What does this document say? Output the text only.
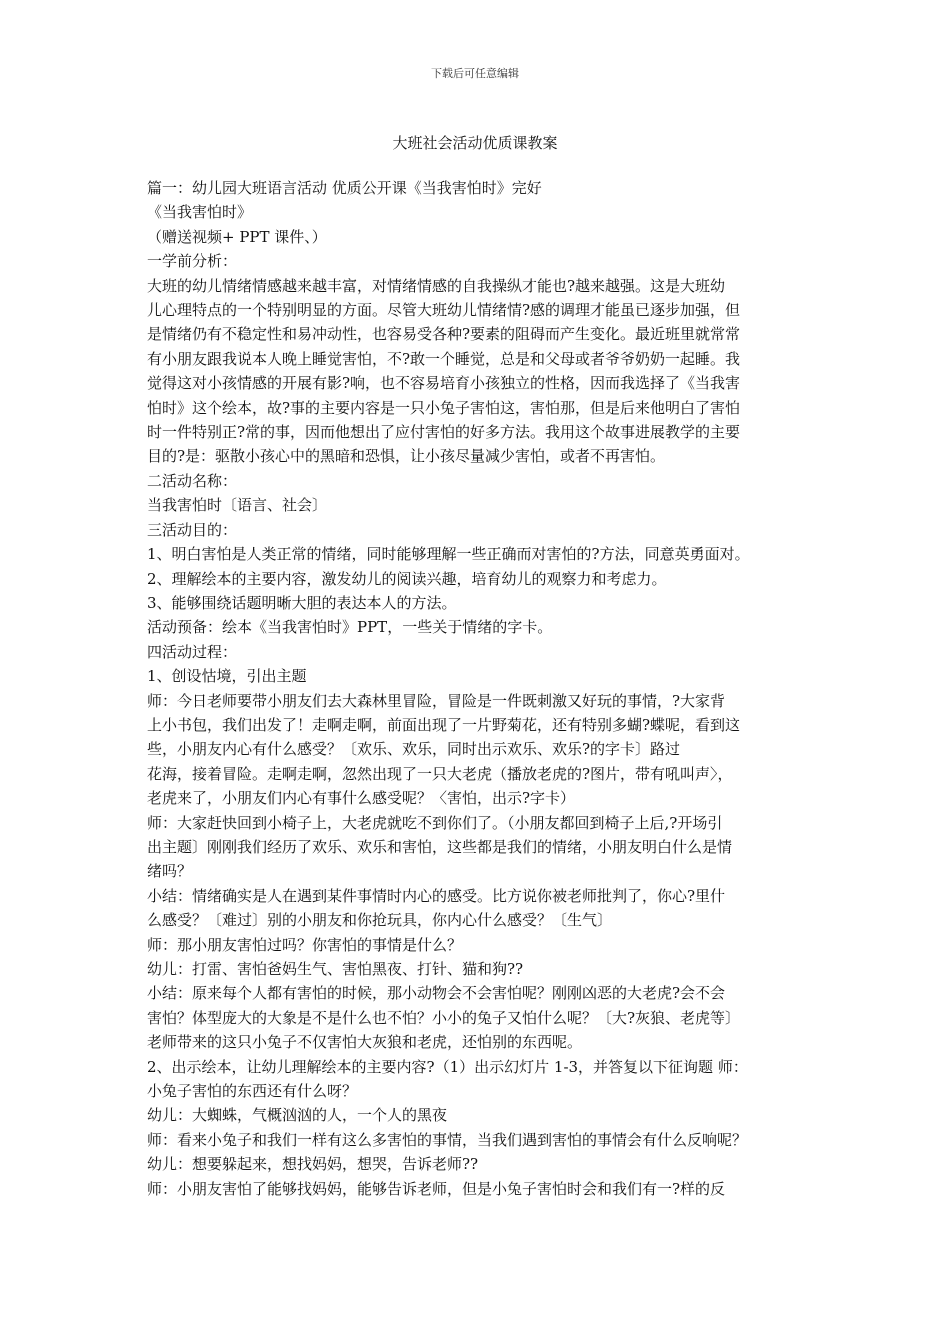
下载后可任意编辑
大班社会活动优质课教案

篇一：幼儿园大班语言活动 优质公开课《当我害怕时》完好

《当我害怕时》

（赠送视频+ PPT 课件、）

一学前分析：

大班的幼儿情绪情感越来越丰富，对情绪情感的自我操纵才能也?越来越强。这是大班幼

儿心理特点的一个特别明显的方面。尽管大班幼儿情绪情?感的调理才能虽已逐步加强，但

是情绪仍有不稳定性和易冲动性，也容易受各种?要素的阻碍而产生变化。最近班里就常常

有小朋友跟我说本人晚上睡觉害怕，不?敢一个睡觉，总是和父母或者爷爷奶奶一起睡。我

觉得这对小孩情感的开展有影?响，也不容易培育小孩独立的性格，因而我选择了《当我害

怕时》这个绘本，故?事的主要内容是一只小兔子害怕这，害怕那，但是后来他明白了害怕

时一件特别正?常的事，因而他想出了应付害怕的好多方法。我用这个故事进展教学的主要

目的?是：驱散小孩心中的黑暗和恐惧，让小孩尽量减少害怕，或者不再害怕。

二活动名称：

当我害怕时〔语言、社会〕

三活动目的：

1、明白害怕是人类正常的情绪，同时能够理解一些正确而对害怕的?方法，同意英勇面对。

2、理解绘本的主要内容，激发幼儿的阅读兴趣，培育幼儿的观察力和考虑力。

3、能够围绕话题明晰大胆的表达本人的方法。

活动预备：绘本《当我害怕时》PPT，一些关于情绪的字卡。

四活动过程：

1、创设怙境，引出主题

师：今日老师要带小朋友们去大森林里冒险，冒险是一件既刺激又好玩的事情，?大家背

上小书包，我们出发了！走啊走啊，前面出现了一片野菊花，还有特别多蝴?蝶呢，看到这

些，小朋友内心有什么感受？〔欢乐、欢乐，同时出示欢乐、欢乐?的字卡〕路过

花海，接着冒险。走啊走啊，忽然出现了一只大老虎（播放老虎的?图片，带有吼叫声〉，

老虎来了，小朋友们内心有事什么感受呢？〈害怕，出示?字卡）

师：大家赶快回到小椅子上，大老虎就吃不到你们了。（小朋友都回到椅子上后,?开场引

出主题〕刚刚我们经历了欢乐、欢乐和害怕，这些都是我们的情绪，小朋友明白什么是情

绪吗？

小结：情绪确实是人在遇到某件事情时内心的感受。比方说你被老师批判了，你心?里什

么感受？〔难过〕别的小朋友和你抢玩具，你内心什么感受？〔生气〕

师：那小朋友害怕过吗？你害怕的事情是什么？

幼儿：打雷、害怕爸妈生气、害怕黑夜、打针、猫和狗??

小结：原来每个人都有害怕的时候，那小动物会不会害怕呢？刚刚凶恶的大老虎?会不会

害怕？体型庞大的大象是不是什么也不怕？小小的兔子又怕什么呢？〔大?灰狼、老虎等〕

老师带来的这只小兔子不仅害怕大灰狼和老虎，还怕别的东西呢。

2、出示绘本，让幼儿理解绘本的主要内容?（1）出示幻灯片 1-3，并答复以下征询题 师：

小兔子害怕的东西还有什么呀？

幼儿：大蜘蛛，气概汹汹的人，一个人的黑夜

师：看来小兔子和我们一样有这么多害怕的事情，当我们遇到害怕的事情会有什么反响呢？

幼儿：想要躲起来，想找妈妈，想哭，告诉老师??

师：小朋友害怕了能够找妈妈，能够告诉老师，但是小兔子害怕时会和我们有一?样的反
